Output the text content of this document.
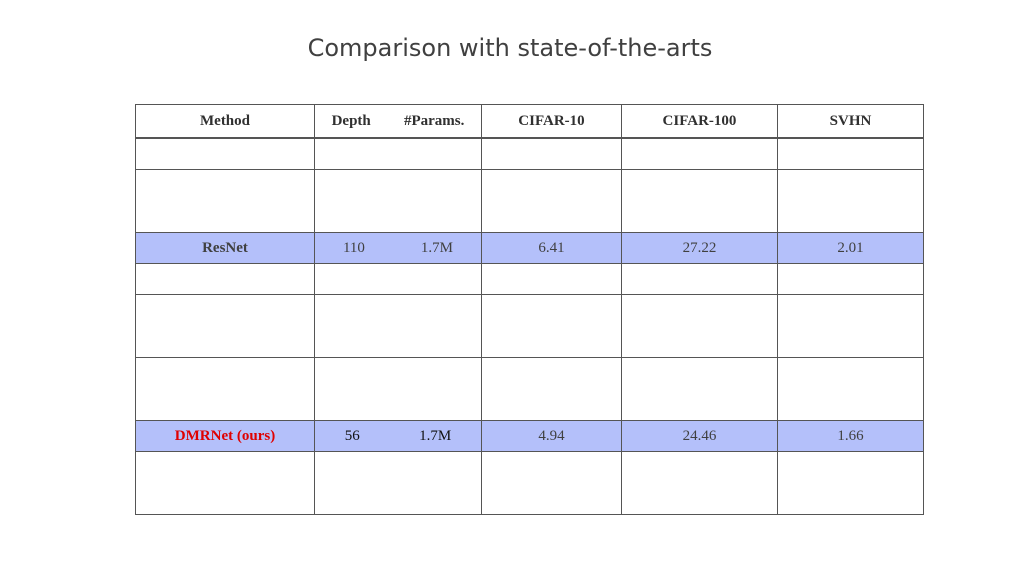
Comparison with state-of-the-arts
Method	Depth #Params.	CIFAR-10	CIFAR-100	SVHN

ResNet	110 1.7M	6.41	27.22	2.01

DMRNet (ours)	56 1.7M	4.94	24.46	1.66
